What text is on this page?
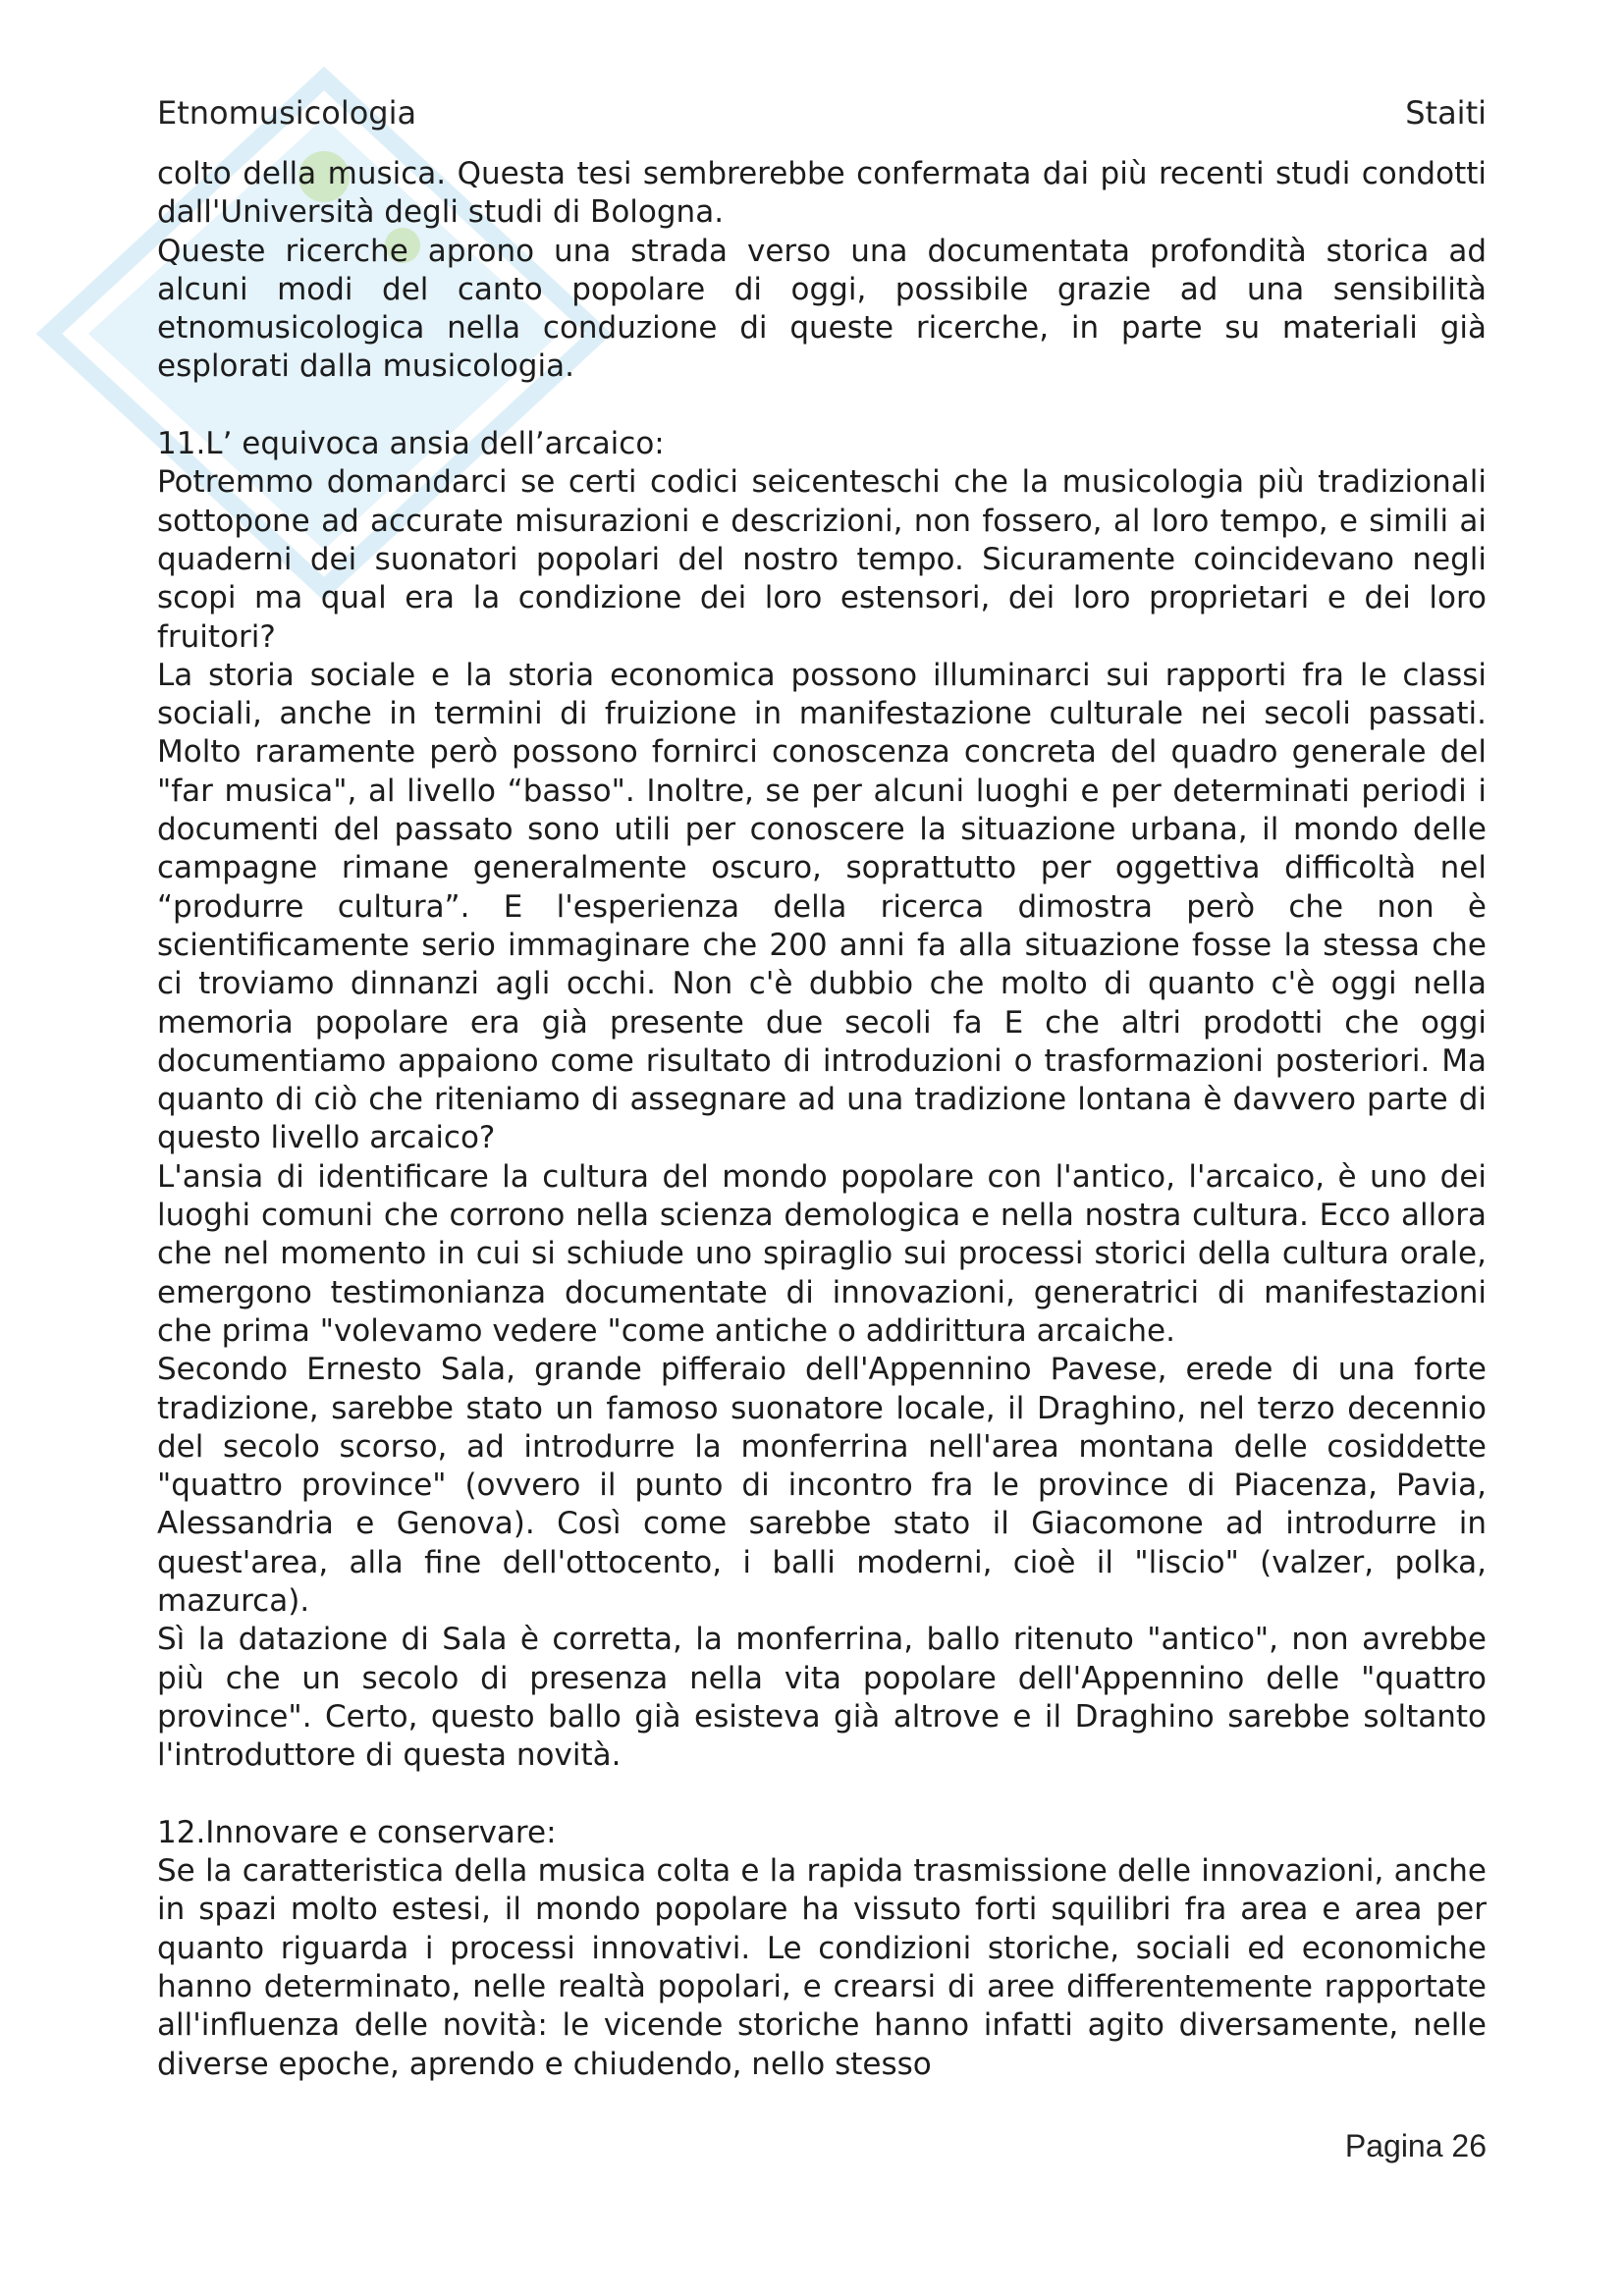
Etnomusicologia	Staiti

colto della musica. Questa tesi sembrerebbe confermata dai più recenti studi condotti dall'Università degli studi di Bologna.

Queste ricerche aprono una strada verso una documentata profondità storica ad alcuni modi del canto popolare di oggi, possibile grazie ad una sensibilità etnomusicologica nella conduzione di queste ricerche, in parte su materiali già esplorati dalla musicologia.

11.L’ equivoca ansia dell’arcaico:

Potremmo domandarci se certi codici seicenteschi che la musicologia più tradizionali sottopone ad accurate misurazioni e descrizioni, non fossero, al loro tempo, e simili ai quaderni dei suonatori popolari del nostro tempo. Sicuramente coincidevano negli scopi ma qual era la condizione dei loro estensori, dei loro proprietari e dei loro fruitori?

La storia sociale e la storia economica possono illuminarci sui rapporti fra le classi sociali, anche in termini di fruizione in manifestazione culturale nei secoli passati. Molto raramente però possono fornirci conoscenza concreta del quadro generale del "far musica", al livello “basso". Inoltre, se per alcuni luoghi e per determinati periodi i documenti del passato sono utili per conoscere la situazione urbana, il mondo delle campagne rimane generalmente oscuro, soprattutto per oggettiva difficoltà nel “produrre cultura”. E l'esperienza della ricerca dimostra però che non è scientificamente serio immaginare che 200 anni fa alla situazione fosse la stessa che ci troviamo dinnanzi agli occhi. Non c'è dubbio che molto di quanto c'è oggi nella memoria popolare era già presente due secoli fa E che altri prodotti che oggi documentiamo appaiono come risultato di introduzioni o trasformazioni posteriori. Ma quanto di ciò che riteniamo di assegnare ad una tradizione lontana è davvero parte di questo livello arcaico?

L'ansia di identificare la cultura del mondo popolare con l'antico, l'arcaico, è uno dei luoghi comuni che corrono nella scienza demologica e nella nostra cultura. Ecco allora che nel momento in cui si schiude uno spiraglio sui processi storici della cultura orale, emergono testimonianza documentate di innovazioni, generatrici di manifestazioni che prima "volevamo vedere "come antiche o addirittura arcaiche.

Secondo Ernesto Sala, grande pifferaio dell'Appennino Pavese, erede di una forte tradizione, sarebbe stato un famoso suonatore locale, il Draghino, nel terzo decennio del secolo scorso, ad introdurre la monferrina nell'area montana delle cosiddette "quattro province" (ovvero il punto di incontro fra le province di Piacenza, Pavia, Alessandria e Genova). Così come sarebbe stato il Giacomone ad introdurre in quest'area, alla fine dell'ottocento, i balli moderni, cioè il "liscio" (valzer, polka, mazurca).

Sì la datazione di Sala è corretta, la monferrina, ballo ritenuto "antico", non avrebbe più che un secolo di presenza nella vita popolare dell'Appennino delle "quattro province". Certo, questo ballo già esisteva già altrove e il Draghino sarebbe soltanto l'introduttore di questa novità.

12.Innovare e conservare:

Se la caratteristica della musica colta e la rapida trasmissione delle innovazioni, anche in spazi molto estesi, il mondo popolare ha vissuto forti squilibri fra area e area per quanto riguarda i processi innovativi. Le condizioni storiche, sociali ed economiche hanno determinato, nelle realtà popolari, e crearsi di aree differentemente rapportate all'influenza delle novità: le vicende storiche hanno infatti agito diversamente, nelle diverse epoche, aprendo e chiudendo, nello stesso

Pagina 26
